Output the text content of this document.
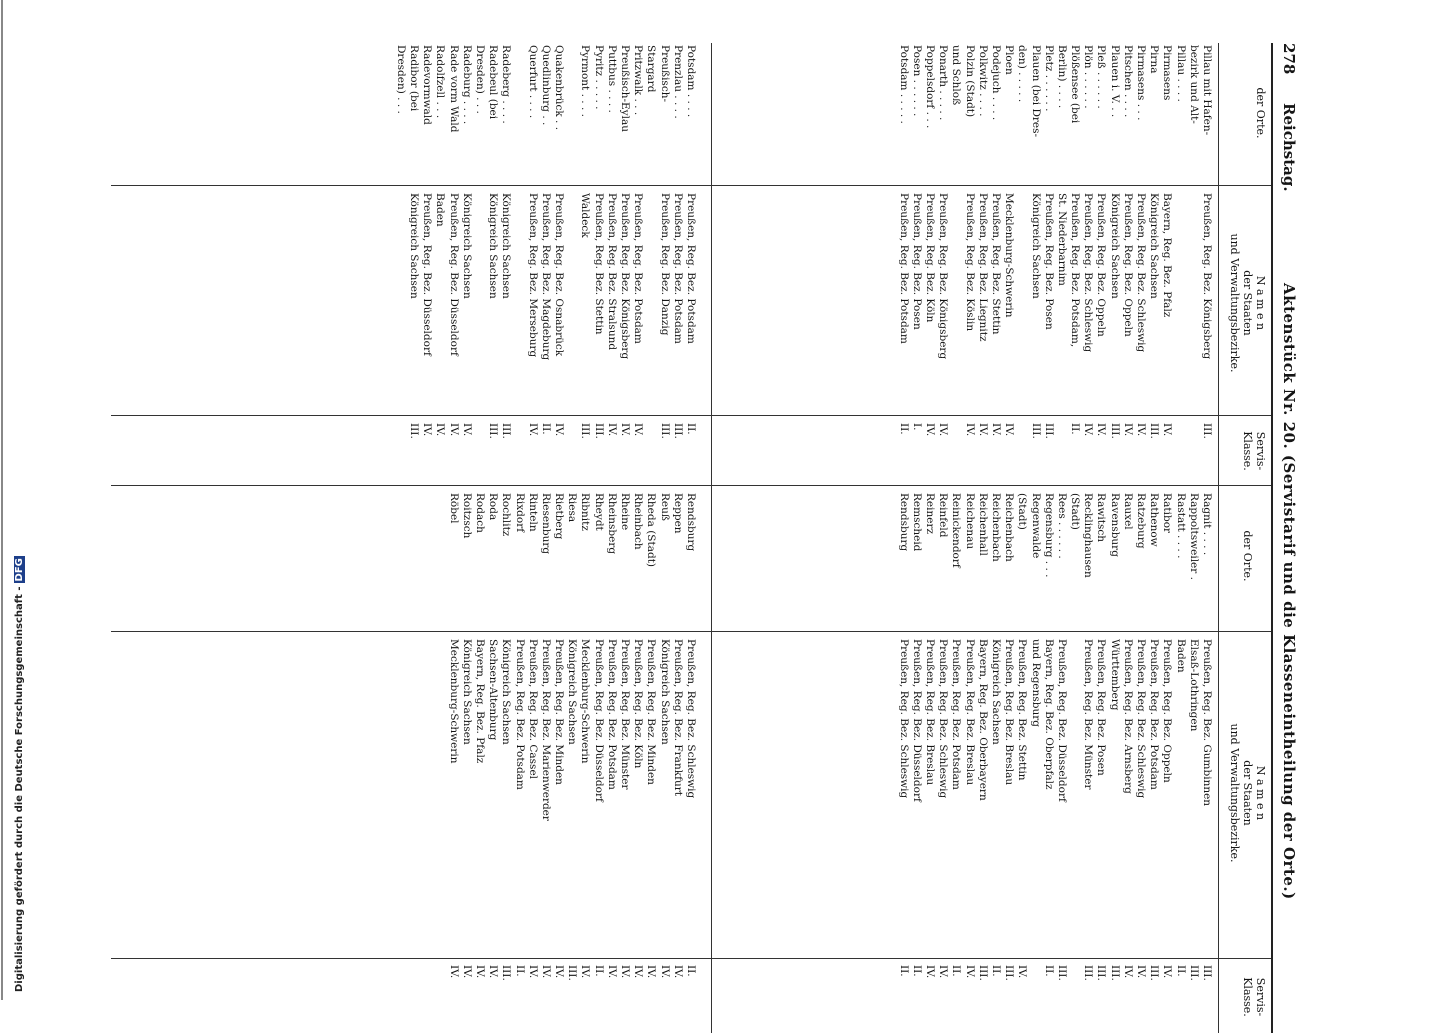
Digitalisierung gefördert durch die Deutsche Forschungsgemeinschaft -DFG
278
Reichstag.
Aktenstück Nr. 20. (Servistarif und die Klasseneintheilung der Orte.)
der Orte.
N a m e n
der Staaten
und Verwaltungsbezirke.
Servis-
Klasse.

der Orte.
N a m e n
der Staaten
und Verwaltungsbezirke.
Servis-
Klasse.
Pillau mit Hafen-
bezirk und Alt-
Pillau . . . .
Pirmasens
Pirna
Pirmasens . . .
Pitschen . . . .
Plauen i. V. . .
Pleß . . . . . .
Plön . . . . . .
Plößensee (bei
Berlin) . . . .
Pletz . . . . . .
Plauen (bei Dres-
den) . . . . .
Ploen
Podejuch . . . .
Polkwitz . . . .
Polzin (Stadt)
und Schloß
Ponarth . . . . .
Poppelsdorf . . .
Posen . . . . . .
Potsdam . . . . .
Preußen, Reg. Bez. Königsberg
Bayern, Reg. Bez. Pfalz
Königreich Sachsen
Preußen, Reg. Bez. Schleswig
Preußen, Reg. Bez. Oppeln
Königreich Sachsen
Preußen, Reg. Bez. Oppeln
Preußen, Reg. Bez. Schleswig
Preußen, Reg. Bez. Potsdam,
St. Niederbarnim
Preußen, Reg. Bez. Posen
Königreich Sachsen
Mecklenburg-Schwerin
Preußen, Reg. Bez. Stettin
Preußen, Reg. Bez. Liegnitz
Preußen, Reg. Bez. Köslin
Preußen, Reg. Bez. Königsberg
Preußen, Reg. Bez. Köln
Preußen, Reg. Bez. Posen
Preußen, Reg. Bez. Potsdam
III.
IV.
III.
IV.
IV.
III.
IV.
IV.
II.
III.
III.
IV.
IV.
IV.
IV.
IV.
IV.
I.
II.
Ragnit . . . .
Rappoltsweiler .
Rastatt . . . .
Ratibor
Rathenow
Ratzeburg
Rauxel
Ravensburg
Rawitsch
Recklinghausen
(Stadt)
Rees . . . . . .
Regensburg . . .
Regenwalde
(Stadt)
Reichenbach
Reichenbach
Reichenhall
Reichenau
Reinickendorf
Reinfeld
Reinerz
Remscheid
Rendsburg
Preußen, Reg. Bez. Gumbinnen
Elsaß-Lothringen
Baden
Preußen, Reg. Bez. Oppeln
Preußen, Reg. Bez. Potsdam
Preußen, Reg. Bez. Schleswig
Preußen, Reg. Bez. Arnsberg
Württemberg
Preußen, Reg. Bez. Posen
Preußen, Reg. Bez. Münster
Preußen, Reg. Bez. Düsseldorf
Bayern, Reg. Bez. Oberpfalz
und Regensburg
Preußen, Reg. Bez. Stettin
Preußen, Reg. Bez. Breslau
Königreich Sachsen
Bayern, Reg. Bez. Oberbayern
Preußen, Reg. Bez. Breslau
Preußen, Reg. Bez. Potsdam
Preußen, Reg. Bez. Schleswig
Preußen, Reg. Bez. Breslau
Preußen, Reg. Bez. Düsseldorf
Preußen, Reg. Bez. Schleswig
III.
III.
II.
IV.
III.
IV.
IV.
III.
III.
III.
III.
II.
IV.
III.
II.
III.
IV.
II.
IV.
IV.
II.
II.
Potsdam . . . .
Prenzlau . . . .
Preußisch-
Stargard
Pritzwalk . . .
Preußisch-Eylau
Puttbus . . . .
Pyritz . . . . .
Pyrmont . . . .
Quakenbrück . .
Quedlinburg . .
Querfurt . . . .
Radeberg . . . .
Radebeul (bei
Dresden) . . .
Radeburg . . . .
Rade vorm Wald
Radolfzell . . .
Radevormwald
Radibor (bei
Dresden) . . .
Preußen, Reg. Bez. Potsdam
Preußen, Reg. Bez. Potsdam
Preußen, Reg. Bez. Danzig
Preußen, Reg. Bez. Potsdam
Preußen, Reg. Bez. Königsberg
Preußen, Reg. Bez. Stralsund
Preußen, Reg. Bez. Stettin
Waldeck
Preußen, Reg. Bez. Osnabrück
Preußen, Reg. Bez. Magdeburg
Preußen, Reg. Bez. Merseburg
Königreich Sachsen
Königreich Sachsen
Königreich Sachsen
Preußen, Reg. Bez. Düsseldorf
Baden
Preußen, Reg. Bez. Düsseldorf
Königreich Sachsen
II.
III.
III.
IV.
IV.
IV.
III.
III.
IV.
II.
IV.
III.
III.
IV.
IV.
IV.
IV.
III.
Rendsburg
Reppen
Reuß
Rheda (Stadt)
Rheinbach
Rheine
Rheinsberg
Rheydt
Ribnitz
Riesa
Rietberg
Riesenburg
Rinteln
Rixdorf
Rochlitz
Roda
Rodach
Roitzsch
Röbel
Preußen, Reg. Bez. Schleswig
Preußen, Reg. Bez. Frankfurt
Königreich Sachsen
Preußen, Reg. Bez. Minden
Preußen, Reg. Bez. Köln
Preußen, Reg. Bez. Münster
Preußen, Reg. Bez. Potsdam
Preußen, Reg. Bez. Düsseldorf
Mecklenburg-Schwerin
Königreich Sachsen
Preußen, Reg. Bez. Minden
Preußen, Reg. Bez. Marienwerder
Preußen, Reg. Bez. Cassel
Preußen, Reg. Bez. Potsdam
Königreich Sachsen
Sachsen-Altenburg
Bayern, Reg. Bez. Pfalz
Königreich Sachsen
Mecklenburg-Schwerin
II.
IV.
IV.
IV.
IV.
IV.
IV.
II.
IV.
III.
IV.
IV.
IV.
II.
III.
IV.
IV.
IV.
IV.
